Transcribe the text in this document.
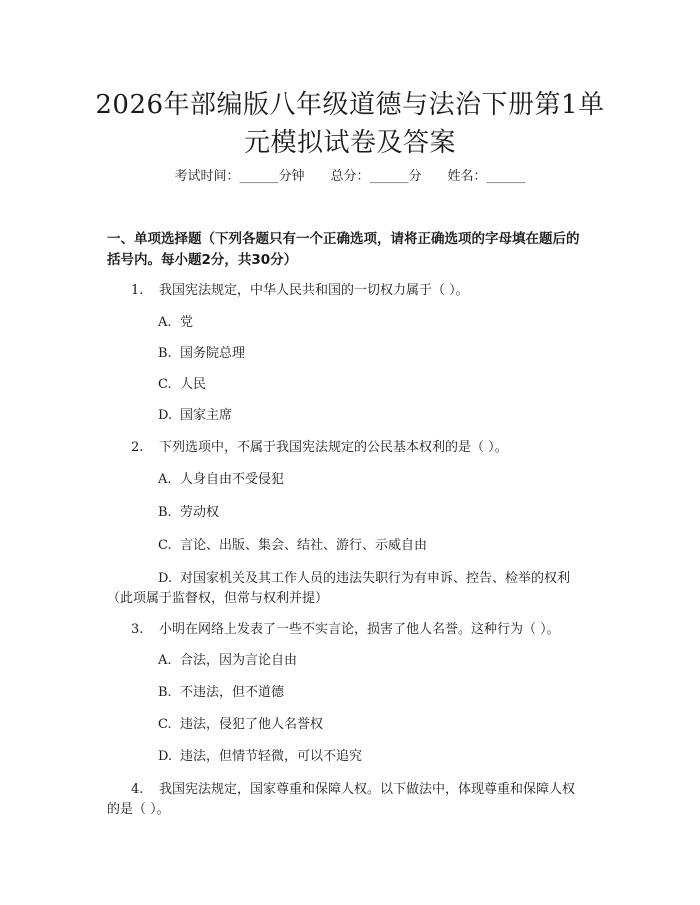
2026年部编版八年级道德与法治下册第1单
元模拟试卷及答案
考试时间：______分钟 总分：______分 姓名：______
一、单项选择题（下列各题只有一个正确选项，请将正确选项的字母填在题后的
括号内。每小题2分，共30分）
1. 我国宪法规定，中华人民共和国的一切权力属于（ ）。
A. 党
B. 国务院总理
C. 人民
D. 国家主席
2. 下列选项中，不属于我国宪法规定的公民基本权利的是（ ）。
A. 人身自由不受侵犯
B. 劳动权
C. 言论、出版、集会、结社、游行、示威自由
D. 对国家机关及其工作人员的违法失职行为有申诉、控告、检举的权利
（此项属于监督权，但常与权利并提）
3. 小明在网络上发表了一些不实言论，损害了他人名誉。这种行为（ ）。
A. 合法，因为言论自由
B. 不违法，但不道德
C. 违法，侵犯了他人名誉权
D. 违法，但情节轻微，可以不追究
4. 我国宪法规定，国家尊重和保障人权。以下做法中，体现尊重和保障人权
的是（ ）。
